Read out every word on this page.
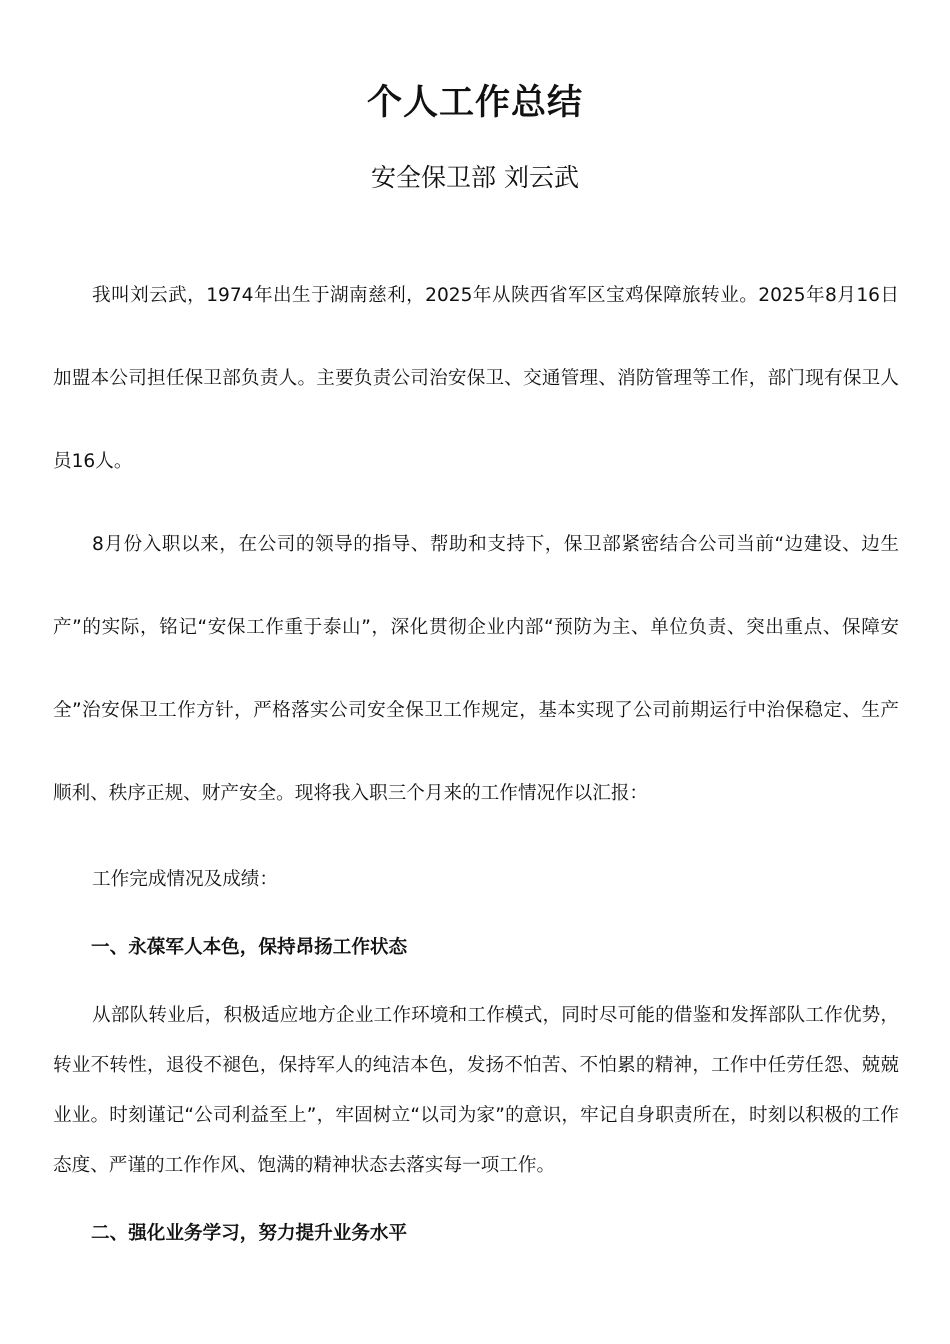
个人工作总结
安全保卫部 刘云武

我叫刘云武，1974年出生于湖南慈利，2025年从陕西省军区宝鸡保障旅转业。2025年8月16日加盟本公司担任保卫部负责人。主要负责公司治安保卫、交通管理、消防管理等工作，部门现有保卫人员16人。

8月份入职以来，在公司的领导的指导、帮助和支持下，保卫部紧密结合公司当前“边建设、边生产”的实际，铭记“安保工作重于泰山”，深化贯彻企业内部“预防为主、单位负责、突出重点、保障安全”治安保卫工作方针，严格落实公司安全保卫工作规定，基本实现了公司前期运行中治保稳定、生产顺利、秩序正规、财产安全。现将我入职三个月来的工作情况作以汇报：

工作完成情况及成绩：

一、永葆军人本色，保持昂扬工作状态

从部队转业后，积极适应地方企业工作环境和工作模式，同时尽可能的借鉴和发挥部队工作优势，转业不转性，退役不褪色，保持军人的纯洁本色，发扬不怕苦、不怕累的精神，工作中任劳任怨、兢兢业业。时刻谨记“公司利益至上”，牢固树立“以司为家”的意识，牢记自身职责所在，时刻以积极的工作态度、严谨的工作作风、饱满的精神状态去落实每一项工作。

二、强化业务学习，努力提升业务水平
